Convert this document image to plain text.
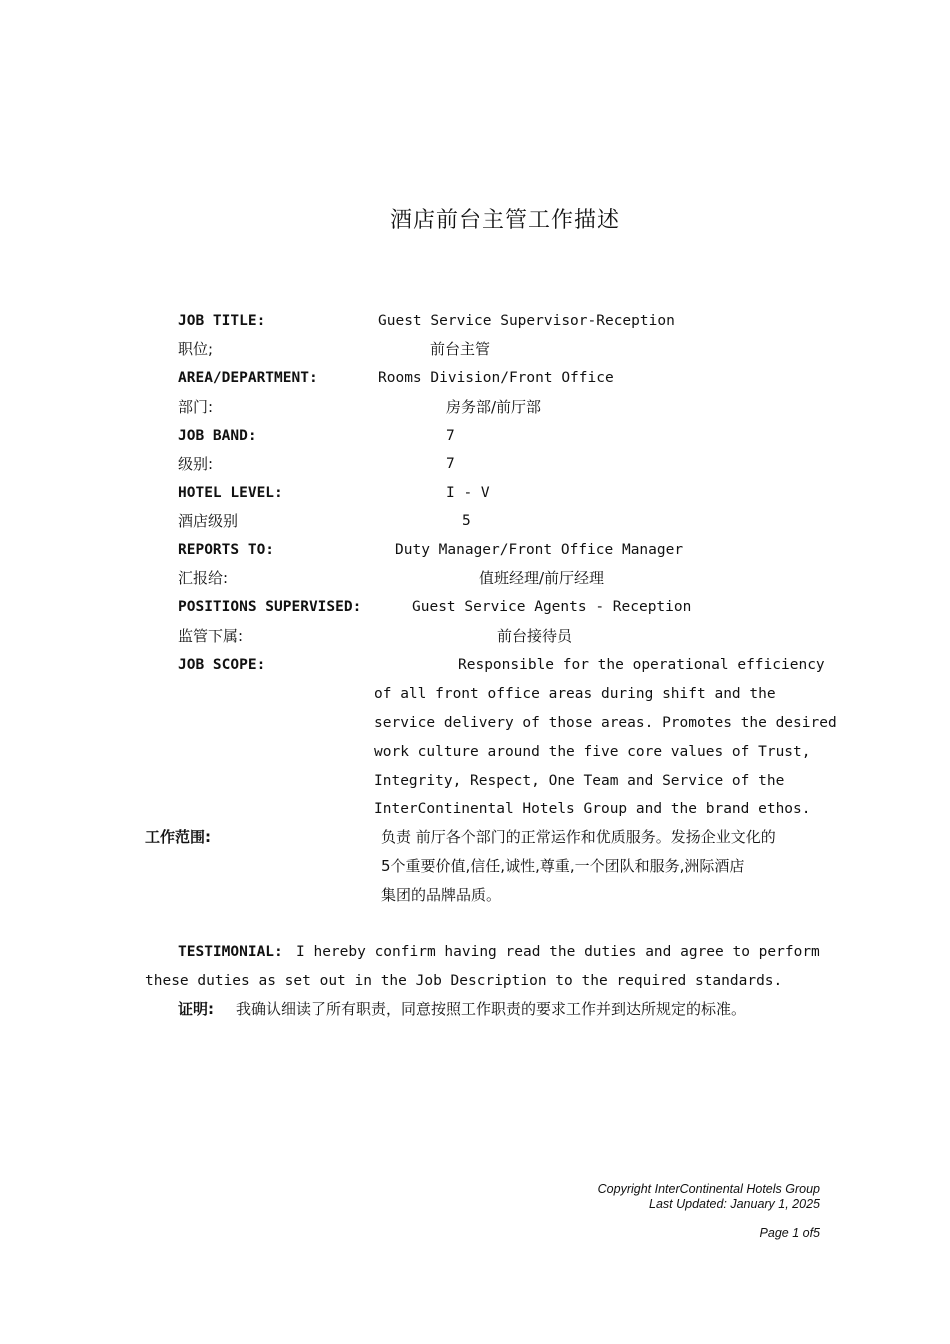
酒店前台主管工作描述
JOB TITLE:	Guest Service Supervisor-Reception
职位;	前台主管
AREA/DEPARTMENT:	Rooms Division/Front Office
部门:	房务部/前厅部
JOB BAND:	7
级别:	7
HOTEL LEVEL:	I - V
酒店级别	5
REPORTS TO:	Duty Manager/Front Office Manager
汇报给:	值班经理/前厅经理
POSITIONS SUPERVISED:	Guest Service Agents - Reception
监管下属:	前台接待员
JOB SCOPE:	Responsible for the operational efficiency
of all front office areas during shift and the
service delivery of those areas. Promotes the desired
work culture around the five core values of Trust,
Integrity, Respect, One Team and Service of the
InterContinental Hotels Group and the brand ethos.
工作范围:	负责 前厅各个部门的正常运作和优质服务。发扬企业文化的
5个重要价值,信任,诚性,尊重,一个团队和服务,洲际酒店
集团的品牌品质。
TESTIMONIAL: I hereby confirm having read the duties and agree to perform
these duties as set out in the Job Description to the required standards.
证明: 我确认细读了所有职责，同意按照工作职责的要求工作并到达所规定的标准。
Copyright InterContinental Hotels Group
Last Updated: January 1, 2025
Page 1 of5
